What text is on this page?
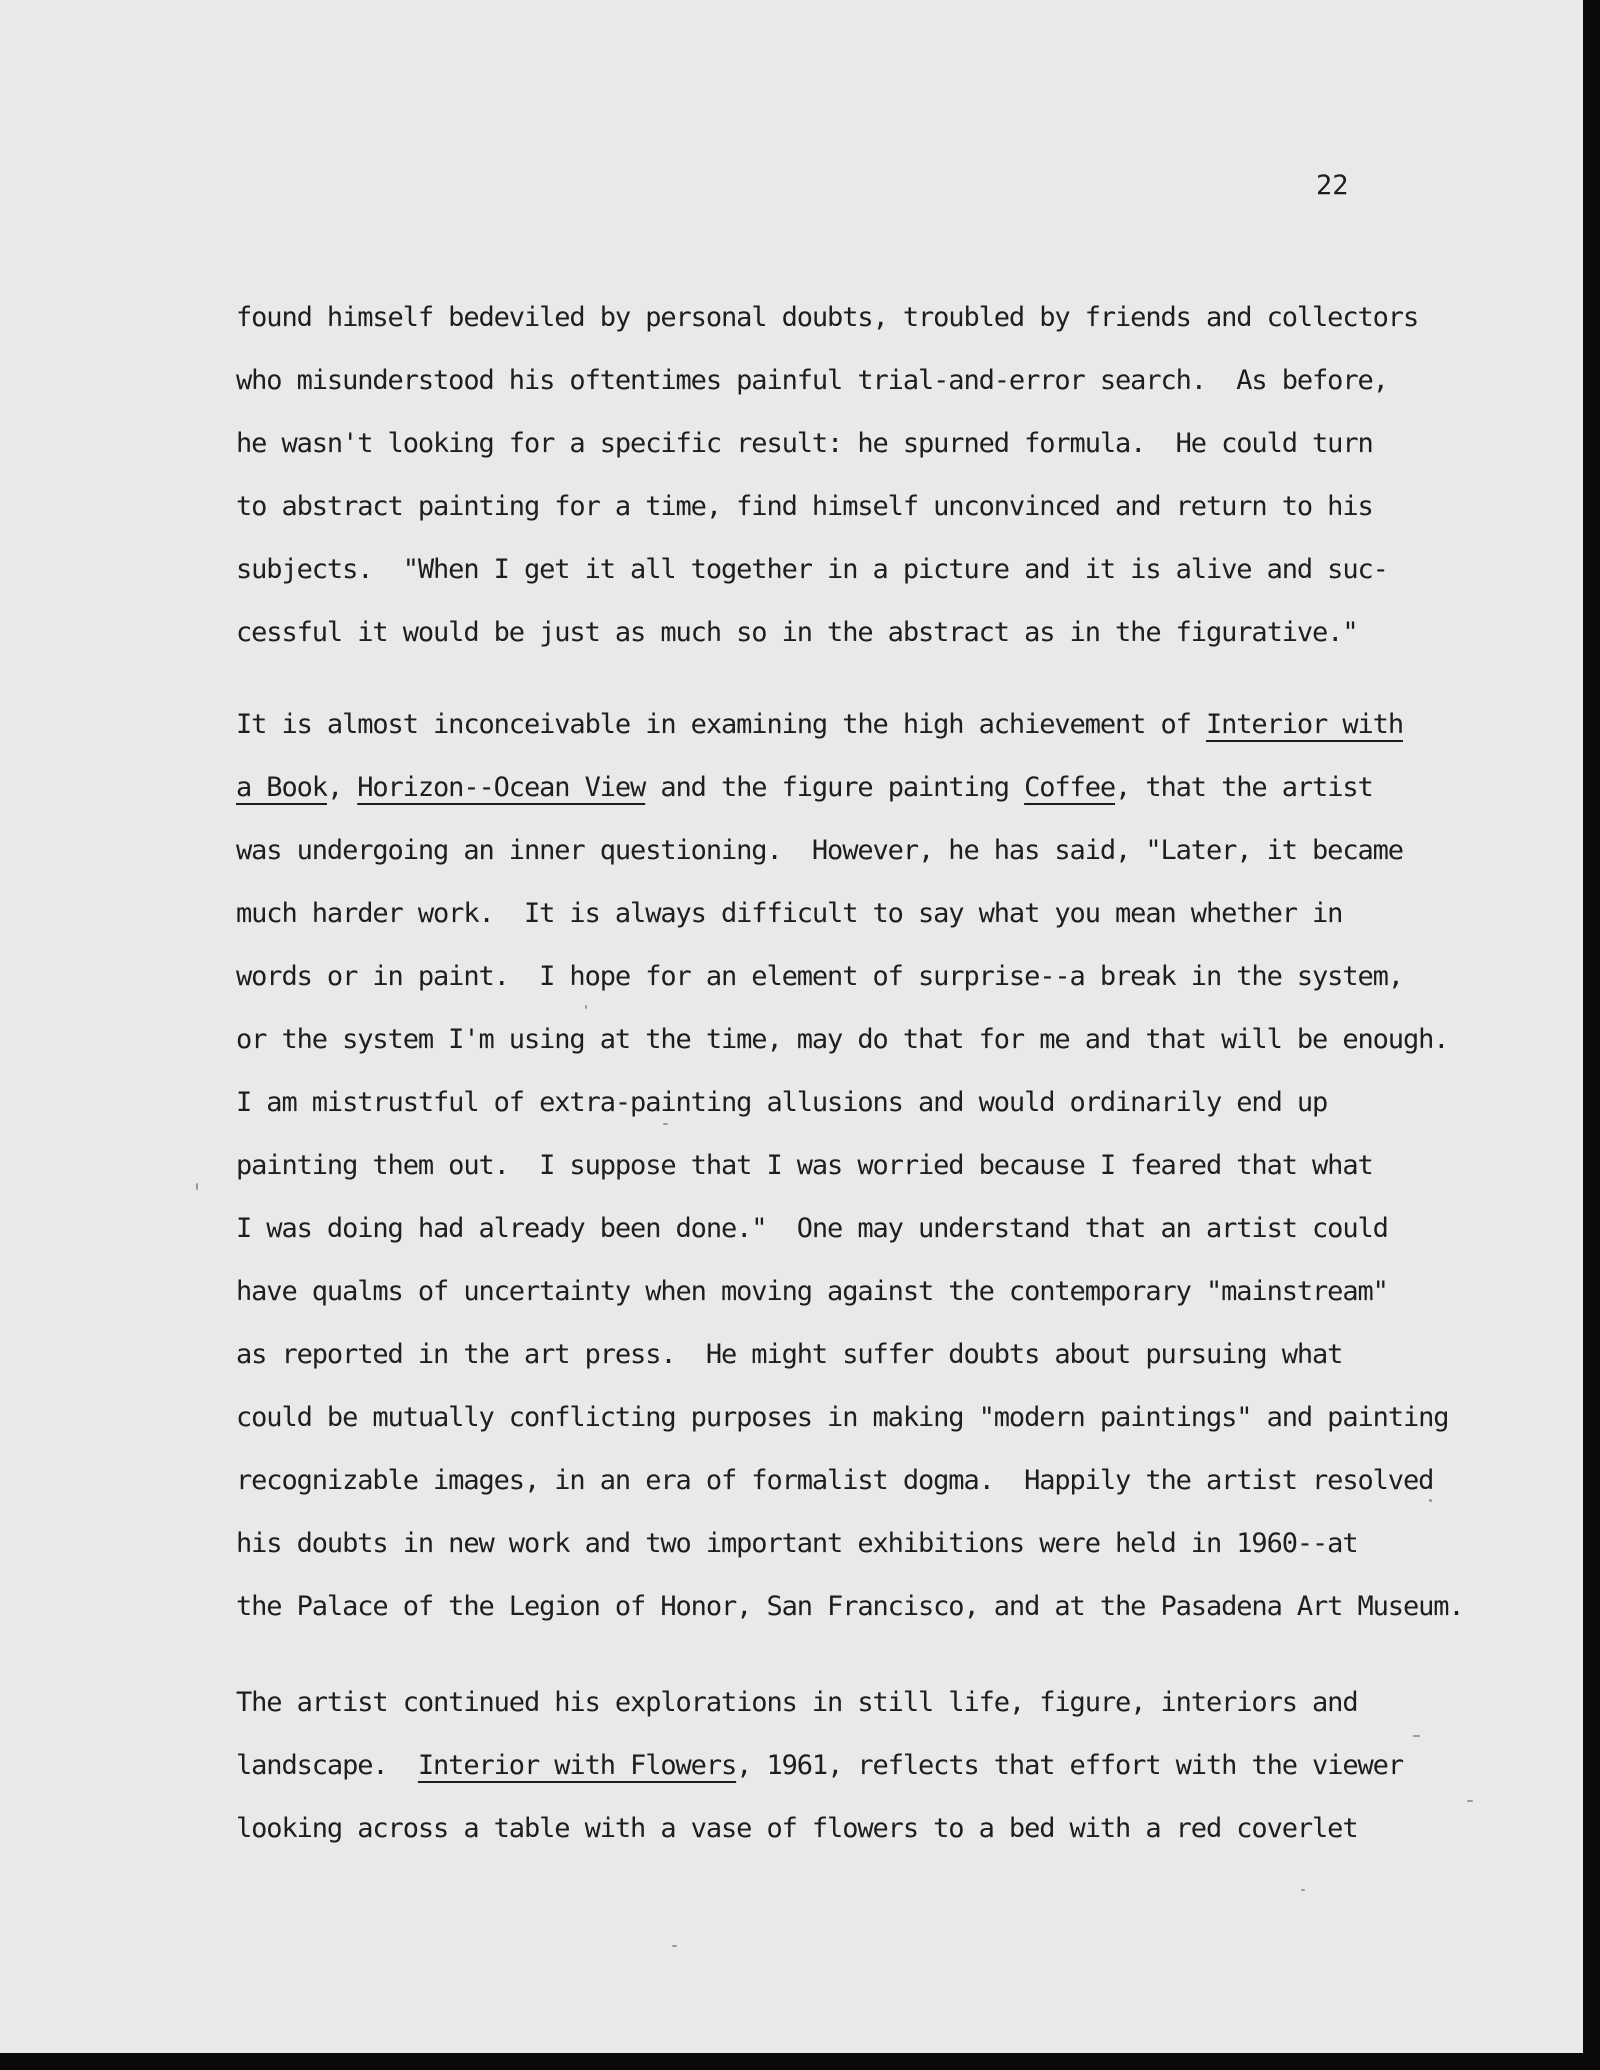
22

found himself bedeviled by personal doubts, troubled by friends and collectors

who misunderstood his oftentimes painful trial-and-error search.  As before,

he wasn't looking for a specific result: he spurned formula.  He could turn

to abstract painting for a time, find himself unconvinced and return to his

subjects.  "When I get it all together in a picture and it is alive and suc-

cessful it would be just as much so in the abstract as in the figurative."

It is almost inconceivable in examining the high achievement of Interior with

a Book, Horizon--Ocean View and the figure painting Coffee, that the artist

was undergoing an inner questioning.  However, he has said, "Later, it became

much harder work.  It is always difficult to say what you mean whether in

words or in paint.  I hope for an element of surprise--a break in the system,

or the system I'm using at the time, may do that for me and that will be enough.

I am mistrustful of extra-painting allusions and would ordinarily end up

painting them out.  I suppose that I was worried because I feared that what

I was doing had already been done."  One may understand that an artist could

have qualms of uncertainty when moving against the contemporary "mainstream"

as reported in the art press.  He might suffer doubts about pursuing what

could be mutually conflicting purposes in making "modern paintings" and painting

recognizable images, in an era of formalist dogma.  Happily the artist resolved

his doubts in new work and two important exhibitions were held in 1960--at

the Palace of the Legion of Honor, San Francisco, and at the Pasadena Art Museum.

The artist continued his explorations in still life, figure, interiors and

landscape.  Interior with Flowers, 1961, reflects that effort with the viewer

looking across a table with a vase of flowers to a bed with a red coverlet
